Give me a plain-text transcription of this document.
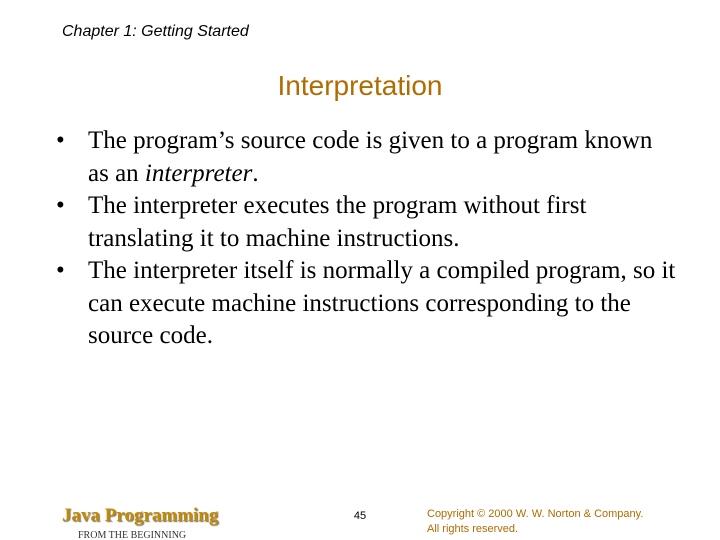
Chapter 1: Getting Started
Interpretation
• The program’s source code is given to a program known as an interpreter.
• The interpreter executes the program without first translating it to machine instructions.
• The interpreter itself is normally a compiled program, so it can execute machine instructions corresponding to the source code.
Java Programming
FROM THE BEGINNING
45	Copyright © 2000 W. W. Norton & Company.
All rights reserved.
